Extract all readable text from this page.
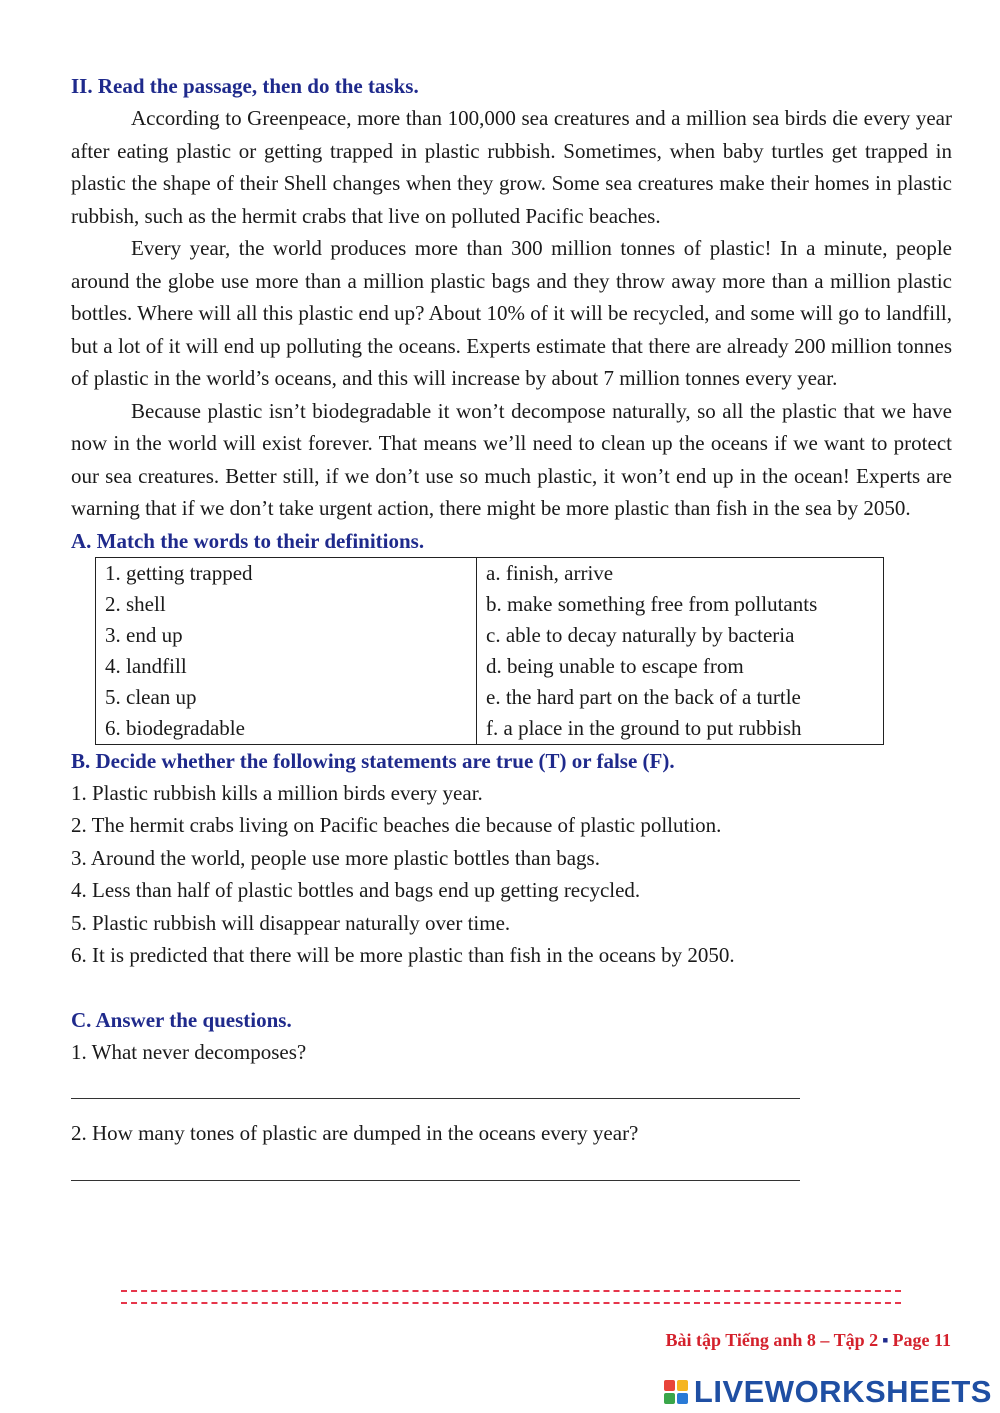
II. Read the passage, then do the tasks.

According to Greenpeace, more than 100,000 sea creatures and a million sea birds die every year after eating plastic or getting trapped in plastic rubbish. Sometimes, when baby turtles get trapped in plastic the shape of their Shell changes when they grow. Some sea creatures make their homes in plastic rubbish, such as the hermit crabs that live on polluted Pacific beaches.

Every year, the world produces more than 300 million tonnes of plastic! In a minute, people around the globe use more than a million plastic bags and they throw away more than a million plastic bottles. Where will all this plastic end up? About 10% of it will be recycled, and some will go to landfill, but a lot of it will end up polluting the oceans. Experts estimate that there are already 200 million tonnes of plastic in the world’s oceans, and this will increase by about 7 million tonnes every year.

Because plastic isn’t biodegradable it won’t decompose naturally, so all the plastic that we have now in the world will exist forever. That means we’ll need to clean up the oceans if we want to protect our sea creatures. Better still, if we don’t use so much plastic, it won’t end up in the ocean! Experts are warning that if we don’t take urgent action, there might be more plastic than fish in the sea by 2050.

A. Match the words to their definitions.
1. getting trapped	a. finish, arrive
2. shell	b. make something free from pollutants
3. end up	c. able to decay naturally by bacteria
4. landfill	d. being unable to escape from
5. clean up	e. the hard part on the back of a turtle
6. biodegradable	f. a place in the ground to put rubbish
B. Decide whether the following statements are true (T) or false (F).
1. Plastic rubbish kills a million birds every year.
2. The hermit crabs living on Pacific beaches die because of plastic pollution.
3. Around the world, people use more plastic bottles than bags.
4. Less than half of plastic bottles and bags end up getting recycled.
5. Plastic rubbish will disappear naturally over time.
6. It is predicted that there will be more plastic than fish in the oceans by 2050.
C. Answer the questions.
1. What never decomposes?
2. How many tones of plastic are dumped in the oceans every year?
Bài tập Tiếng anh 8 – Tập 2 ▪ Page 11
LIVEWORKSHEETS
